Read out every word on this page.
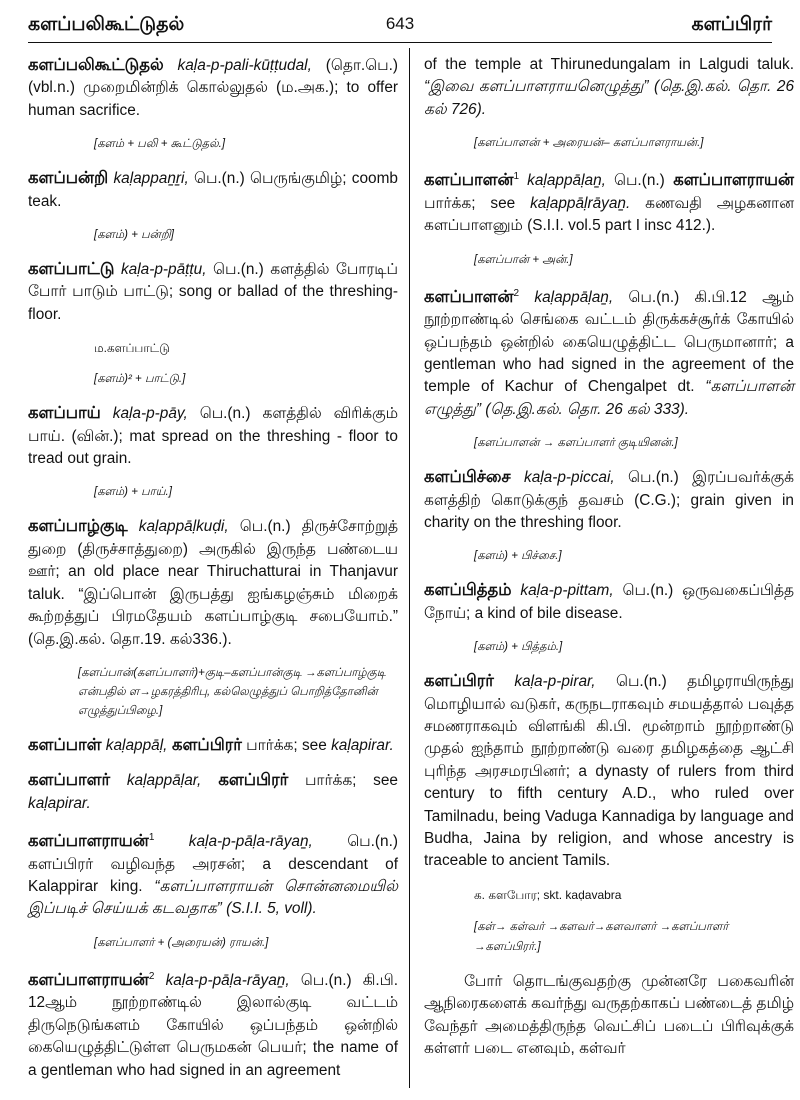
களப்பலிகூட்டுதல்	643	களப்பிரர்

களப்பலிகூட்டுதல் kaḷa-p-pali-kūṭṭudal, (தொ.பெ.) (vbl.n.) முறைமின்றிக் கொல்லுதல் (ம.அக.); to offer human sacrifice.

[களம் + பலி + கூட்டுதல்.]

களப்பன்றி kaḷappaṉṟi, பெ.(n.) பெருங்குமிழ்; coomb teak.

[களம்) + பன்றி]

களப்பாட்டு kaḷa-p-pāṭṭu, பெ.(n.) களத்தில் போரடிப் போர் பாடும் பாட்டு; song or ballad of the threshing-floor.

ம.களப்பாட்டு
[களம்)² + பாட்டு.]

களப்பாய் kaḷa-p-pāy, பெ.(n.) களத்தில் விரிக்கும் பாய். (வின்.); mat spread on the threshing - floor to tread out grain.

[களம்) + பாய்.]

களப்பாழ்குடி kaḷappāḷkuḍi, பெ.(n.) திருச்சோற்றுத் துறை (திருச்சாத்துறை) அருகில் இருந்த பண்டைய ஊர்; an old place near Thiruchatturai in Thanjavur taluk. “இப்பொன் இருபத்து ஐங்கழஞ்சும் மிறைக் கூற்றத்துப் பிரமதேயம் களப்பாழ்குடி சபையோம்.” (தெ.இ.கல். தொ.19. கல்336.).

[களப்பான்(களப்பாளர்)+குடி–களப்பான்குடி →களப்பாழ்குடி என்பதில் ள→ழகரத்திரிபு, கல்லெழுத்துப் பொறித்தோனின் எழுத்துப்பிழை.]

களப்பாள் kaḷappāḷ, களப்பிரர் பார்க்க; see kaḷapirar.

களப்பாளர் kaḷappāḷar, களப்பிரர் பார்க்க; see kaḷapirar.

களப்பாளராயன்$^1$ kaḷa-p-pāḷa-rāyaṉ, பெ.(n.) களப்பிரர் வழிவந்த அரசன்; a descendant of Kalappirar king. “களப்பாளராயன் சொன்னமையில் இப்படிச் செய்யக் கடவதாக” (S.I.I. 5, voll).

[களப்பாளர் + (அரையன்) ராயன்.]

களப்பாளராயன்$^2$ kaḷa-p-pāḷa-rāyaṉ, பெ.(n.) கி.பி. 12ஆம் நூற்றாண்டில் இலால்குடி வட்டம் திருநெடுங்களம் கோயில் ஒப்பந்தம் ஒன்றில் கையெழுத்திட்டுள்ள பெருமகன் பெயர்; the name of a gentleman who had signed in an agreement

of the temple at Thirunedungalam in Lalgudi taluk. “இவை களப்பாளராயனெழுத்து” (தெ.இ.கல். தொ. 26 கல் 726).

[களப்பாளன் + அரையன்– களப்பாளராயன்.]

களப்பாளன்$^1$ kaḷappāḷaṉ, பெ.(n.) களப்பாளராயன் பார்க்க; see kaḷappāḷrāyaṉ. கணவதி அழகனான களப்பாளனும் (S.I.I. vol.5 part I insc 412.).

[களப்பான் + அன்.]

களப்பாளன்$^2$ kaḷappāḷaṉ, பெ.(n.) கி.பி.12 ஆம் நூற்றாண்டில் செங்கை வட்டம் திருக்கச்சூர்க் கோயில் ஒப்பந்தம் ஒன்றில் கையெழுத்திட்ட பெருமானார்; a gentleman who had signed in the agreement of the temple of Kachur of Chengalpet dt. “களப்பாளன் எழுத்து” (தெ.இ.கல். தொ. 26 கல் 333).

[களப்பாளன் → களப்பாளர் குடியினன்.]

களப்பிச்சை kaḷa-p-piccai, பெ.(n.) இரப்பவர்க்குக் களத்திற் கொடுக்குந் தவசம் (C.G.); grain given in charity on the threshing floor.

[களம்) + பிச்சை.]

களப்பித்தம் kaḷa-p-pittam, பெ.(n.) ஒருவகைப்பித்த நோய்; a kind of bile disease.

[களம்) + பித்தம்.]

களப்பிரர் kaḷa-p-pirar, பெ.(n.) தமிழராயிருந்து மொழியால் வடுகர், கருநடராகவும் சமயத்தால் பவுத்த சமணராகவும் விளங்கி கி.பி. மூன்றாம் நூற்றாண்டு முதல் ஐந்தாம் நூற்றாண்டு வரை தமிழகத்தை ஆட்சி புரிந்த அரசமரபினர்; a dynasty of rulers from third century to fifth century A.D., who ruled over Tamilnadu, being Vaduga Kannadiga by language and Budha, Jaina by religion, and whose ancestry is traceable to ancient Tamils.

க. களபோர; skt. kaḍavabra
[கள்→ கள்வர் →களவர்→களவாளர் →களப்பாளர் →களப்பிரர்.]

போர் தொடங்குவதற்கு முன்னரே பகைவரின் ஆநிரைகளைக் கவர்ந்து வருதற்காகப் பண்டைத் தமிழ் வேந்தர் அமைத்திருந்த வெட்சிப் படைப் பிரிவுக்குக் கள்ளர் படை எனவும், கள்வர்
